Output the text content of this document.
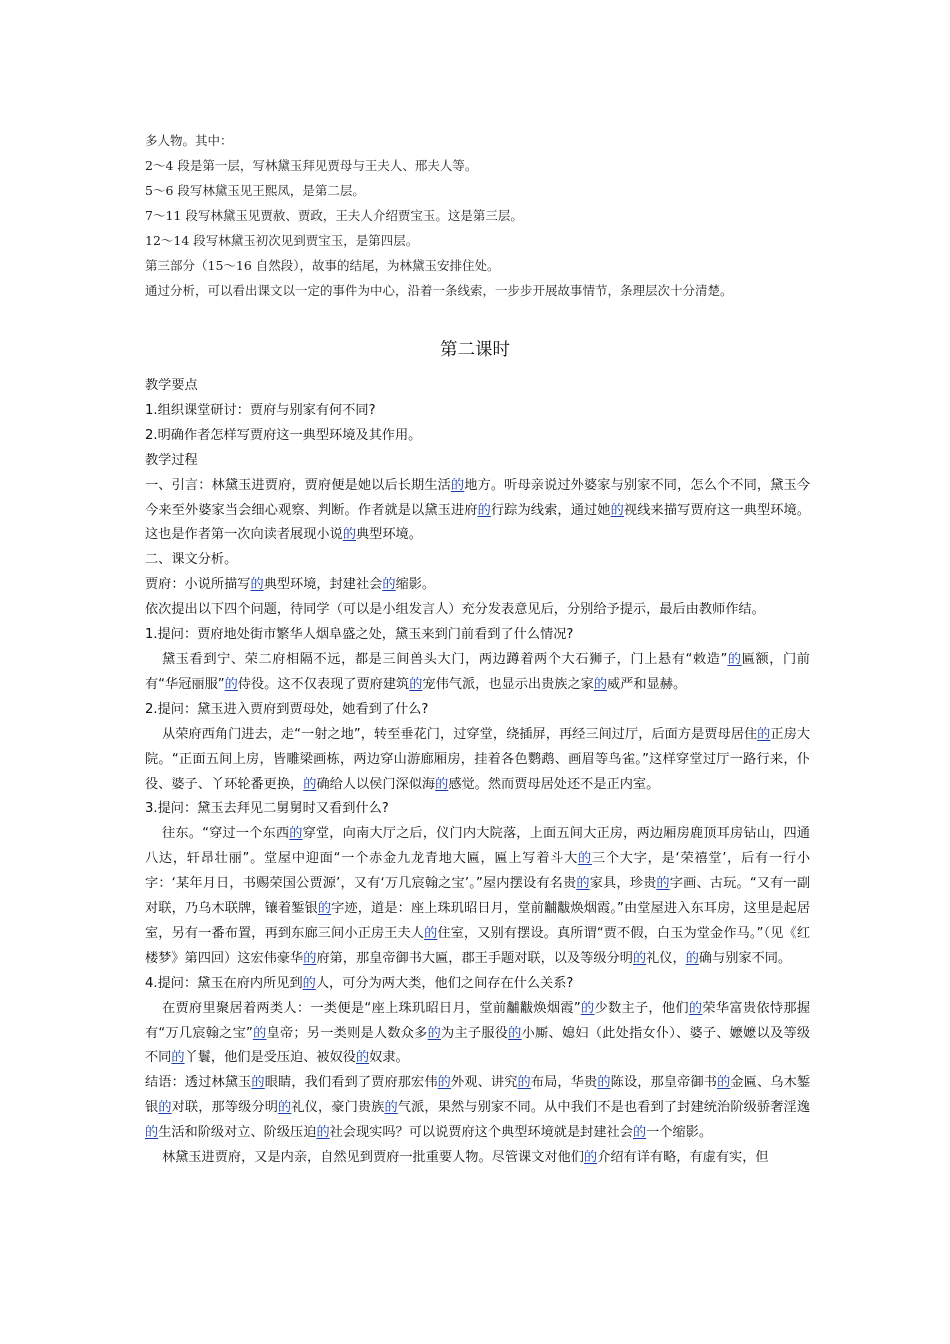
多人物。其中：

2～4 段是第一层，写林黛玉拜见贾母与王夫人、邢夫人等。

5～6 段写林黛玉见王熙凤，是第二层。

7～11 段写林黛玉见贾赦、贾政，王夫人介绍贾宝玉。这是第三层。

12～14 段写林黛玉初次见到贾宝玉，是第四层。

第三部分（15～16 自然段），故事的结尾，为林黛玉安排住处。

通过分析，可以看出课文以一定的事件为中心，沿着一条线索，一步步开展故事情节，条理层次十分清楚。

第二课时

教学要点

1.组织课堂研讨：贾府与别家有何不同?

2.明确作者怎样写贾府这一典型环境及其作用。

教学过程

一、引言：林黛玉进贾府，贾府便是她以后长期生活的地方。听母亲说过外婆家与别家不同，怎么个不同，黛玉今今来至外婆家当会细心观察、判断。作者就是以黛玉进府的行踪为线索，通过她的视线来描写贾府这一典型环境。这也是作者第一次向读者展现小说的典型环境。

二、课文分析。

贾府：小说所描写的典型环境，封建社会的缩影。

依次提出以下四个问题，待同学（可以是小组发言人）充分发表意见后，分别给予提示，最后由教师作结。

1.提问：贾府地处街市繁华人烟阜盛之处，黛玉来到门前看到了什么情况?

黛玉看到宁、荣二府相隔不远，都是三间兽头大门，两边蹲着两个大石狮子，门上悬有“敕造”的匾额，门前有“华冠丽服”的侍役。这不仅表现了贾府建筑的宠伟气派，也显示出贵族之家的威严和显赫。

2.提问：黛玉进入贾府到贾母处，她看到了什么?

从荣府西角门进去，走“一射之地”，转至垂花门，过穿堂，绕插屏，再经三间过厅，后面方是贾母居住的正房大院。“正面五间上房，皆雕梁画栋，两边穿山游廊厢房，挂着各色鹦鹉、画眉等鸟雀。”这样穿堂过厅一路行来，仆役、婆子、丫环轮番更换，的确给人以侯门深似海的感觉。然而贾母居处还不是正内室。

3.提问：黛玉去拜见二舅舅时又看到什么?

往东。“穿过一个东西的穿堂，向南大厅之后，仪门内大院落，上面五间大正房，两边厢房鹿顶耳房钻山，四通八达，轩昂壮丽”。堂屋中迎面“一个赤金九龙青地大匾，匾上写着斗大的三个大字，是‘荣禧堂’，后有一行小字：‘某年月日，书赐荣国公贾源’，又有‘万几宸翰之宝’。”屋内摆设有名贵的家具，珍贵的字画、古玩。“又有一副对联，乃乌木联牌，镶着錾银的字迹，道是：座上珠玑昭日月，堂前黼黻焕烟霞。”由堂屋进入东耳房，这里是起居室，另有一番布置，再到东廊三间小正房王夫人的住室，又别有摆设。真所谓“贾不假，白玉为堂金作马。”（见《红楼梦》第四回）这宏伟豪华的府第，那皇帝御书大匾，郡王手题对联，以及等级分明的礼仪，的确与别家不同。

4.提问：黛玉在府内所见到的人，可分为两大类，他们之间存在什么关系?

在贾府里聚居着两类人：一类便是“座上珠玑昭日月，堂前黼黻焕烟霞”的少数主子，他们的荣华富贵依恃那握有“万几宸翰之宝”的皇帝；另一类则是人数众多的为主子服役的小厮、媳妇（此处指女仆）、婆子、嬷嬷以及等级不同的丫鬟，他们是受压迫、被奴役的奴隶。

结语：透过林黛玉的眼睛，我们看到了贾府那宏伟的外观、讲究的布局，华贵的陈设，那皇帝御书的金匾、乌木錾银的对联，那等级分明的礼仪，豪门贵族的气派，果然与别家不同。从中我们不是也看到了封建统治阶级骄奢淫逸的生活和阶级对立、阶级压迫的社会现实吗？可以说贾府这个典型环境就是封建社会的一个缩影。

林黛玉进贾府，又是内亲，自然见到贾府一批重要人物。尽管课文对他们的介绍有详有略，有虚有实，但
